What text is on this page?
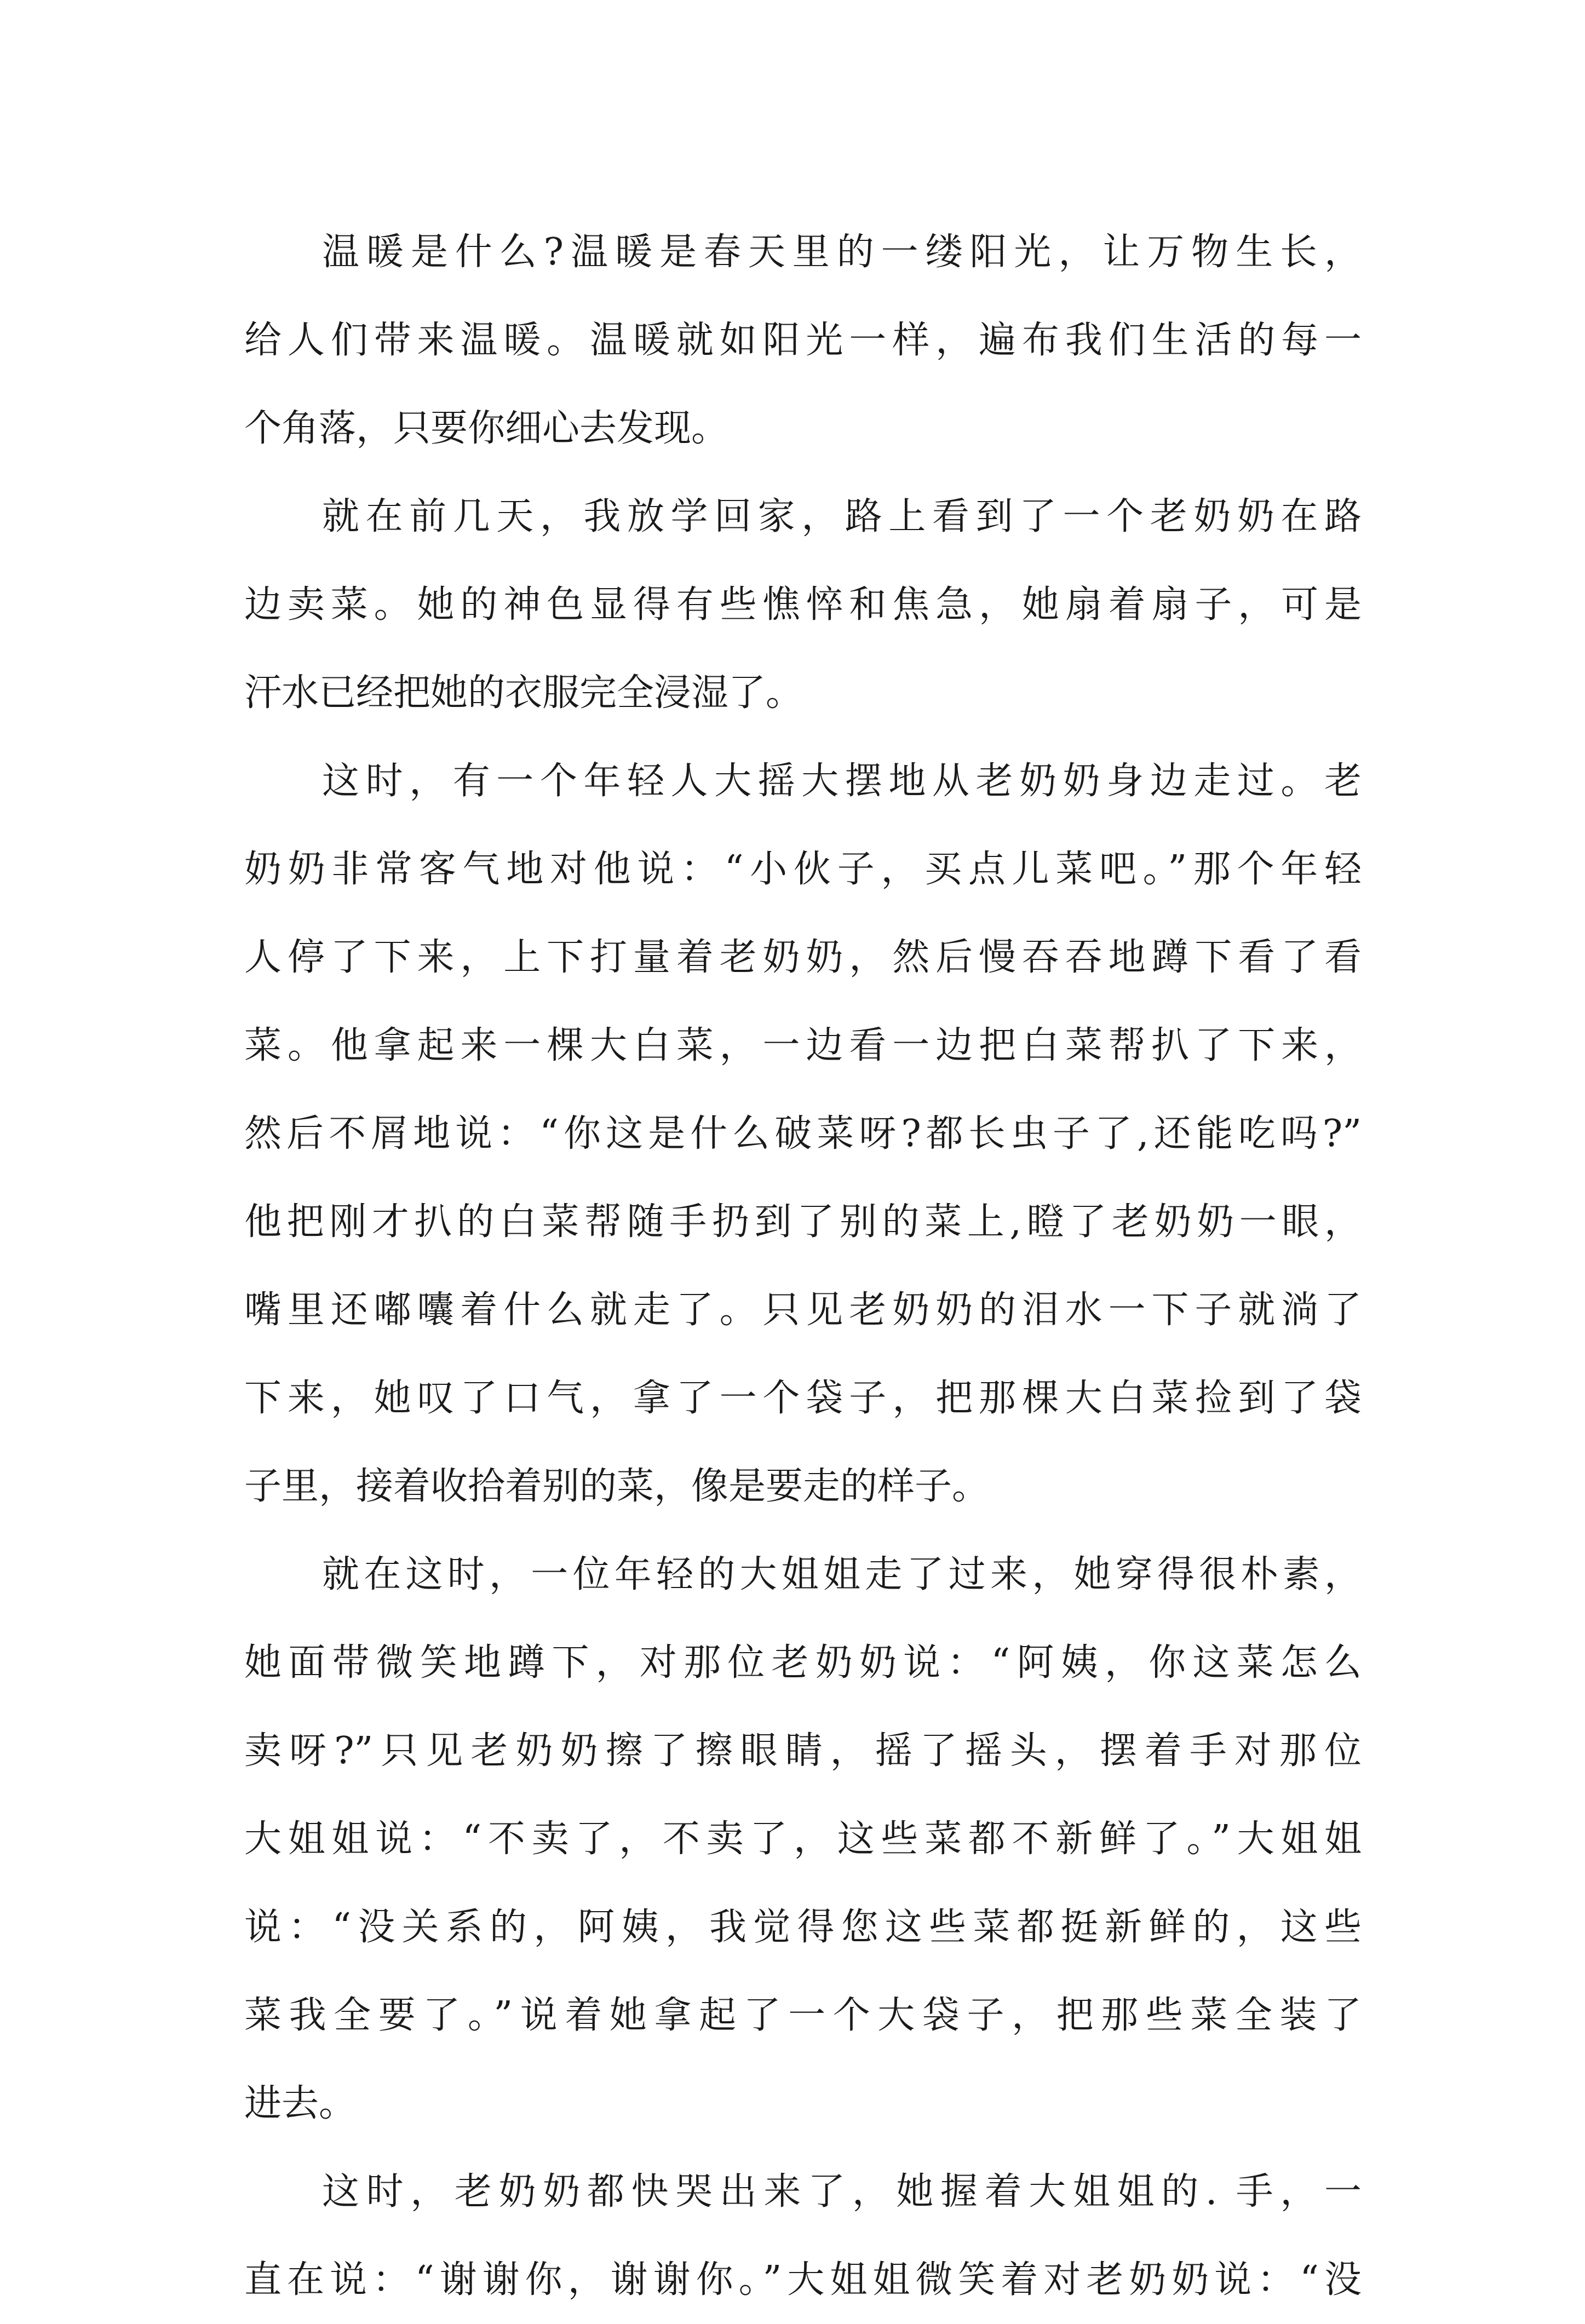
温暖是什么?温暖是春天里的一缕阳光，让万物生长，
给人们带来温暖。温暖就如阳光一样，遍布我们生活的每一
个角落，只要你细心去发现。
就在前几天，我放学回家，路上看到了一个老奶奶在路
边卖菜。她的神色显得有些憔悴和焦急，她扇着扇子，可是
汗水已经把她的衣服完全浸湿了。
这时，有一个年轻人大摇大摆地从老奶奶身边走过。老
奶奶非常客气地对他说：“小伙子，买点儿菜吧。”那个年轻
人停了下来，上下打量着老奶奶，然后慢吞吞地蹲下看了看
菜。他拿起来一棵大白菜，一边看一边把白菜帮扒了下来，
然后不屑地说：“你这是什么破菜呀?都长虫子了,还能吃吗?”
他把刚才扒的白菜帮随手扔到了别的菜上,瞪了老奶奶一眼，
嘴里还嘟囔着什么就走了。只见老奶奶的泪水一下子就淌了
下来，她叹了口气，拿了一个袋子，把那棵大白菜捡到了袋
子里，接着收拾着别的菜，像是要走的样子。
就在这时，一位年轻的大姐姐走了过来，她穿得很朴素，
她面带微笑地蹲下，对那位老奶奶说：“阿姨，你这菜怎么
卖呀?”只见老奶奶擦了擦眼睛，摇了摇头，摆着手对那位
大姐姐说：“不卖了，不卖了，这些菜都不新鲜了。”大姐姐
说：“没关系的，阿姨，我觉得您这些菜都挺新鲜的，这些
菜我全要了。”说着她拿起了一个大袋子，把那些菜全装了
进去。
这时，老奶奶都快哭出来了，她握着大姐姐的. 手，一
直在说：“谢谢你，谢谢你。”大姐姐微笑着对老奶奶说：“没
